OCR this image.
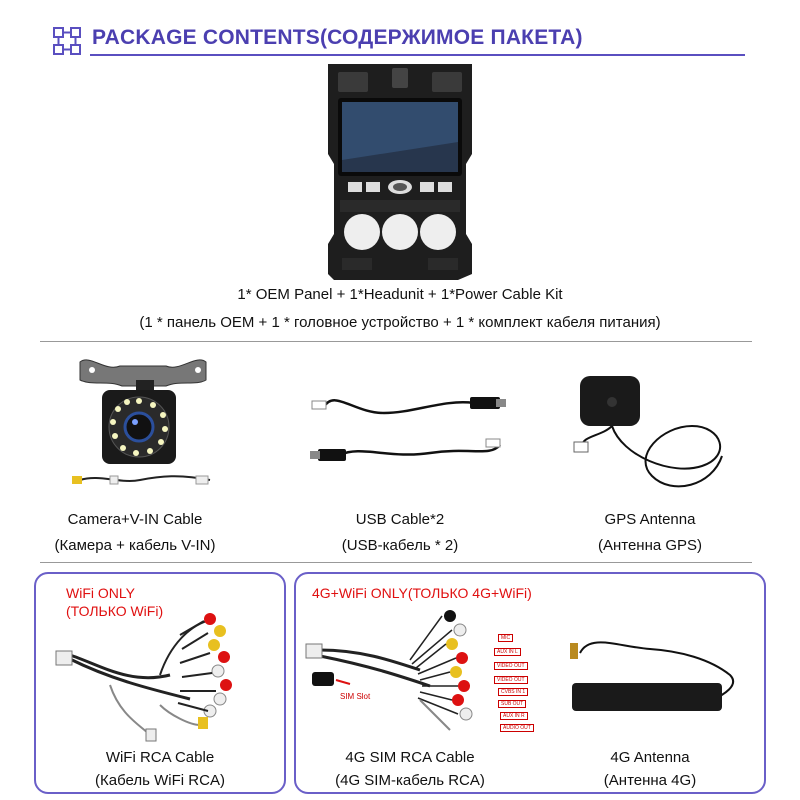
PACKAGE CONTENTS(СОДЕРЖИМОЕ ПАКЕТА)
1* OEM Panel + 1*Headunit + 1*Power Cable Kit
(1 * панель OEM + 1 * головное устройство + 1 * комплект кабеля питания)
Camera+V-IN Cable
(Камера + кабель V-IN)
USB Cable*2
(USB-кабель * 2)
GPS Antenna
(Антенна GPS)
WiFi ONLY
(ТОЛЬКО WiFi)
WiFi RCA Cable
(Кабель WiFi RCA)
4G+WiFi ONLY(ТОЛЬКО 4G+WiFi)
MIC
AUX IN L
VIDEO OUT
VIDEO OUT
CVBS IN 1
SUB OUT
AUX IN R
AUDIO OUT
SIM Slot
4G SIM RCA Cable
(4G SIM-кабель RCA)
4G Antenna
(Антенна 4G)
